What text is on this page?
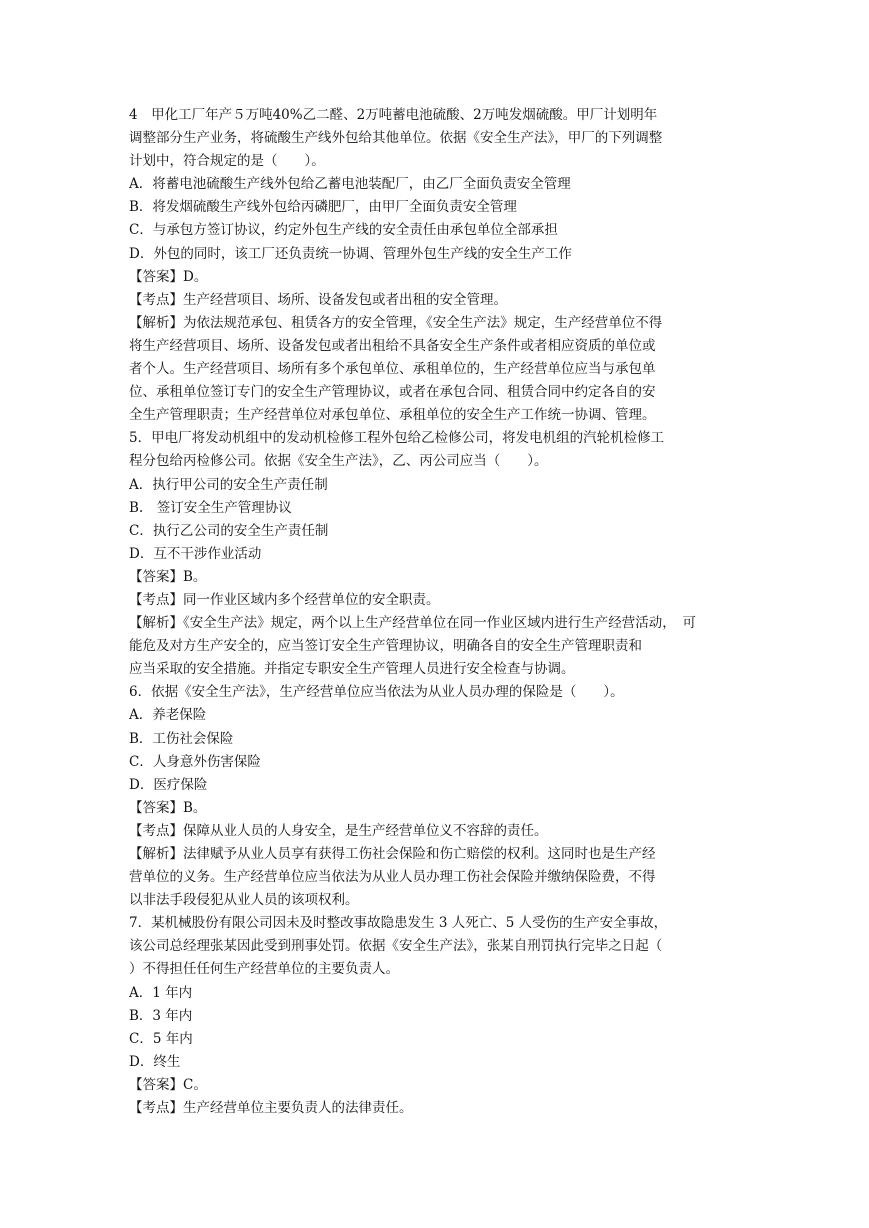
4　甲化工厂年产５万吨40%乙二醛、2万吨蓄电池硫酸、2万吨发烟硫酸。甲厂计划明年
调整部分生产业务，将硫酸生产线外包给其他单位。依据《安全生产法》，甲厂的下列调整
计划中，符合规定的是（　　）。
A．将蓄电池硫酸生产线外包给乙蓄电池装配厂，由乙厂全面负责安全管理
B．将发烟硫酸生产线外包给丙磷肥厂，由甲厂全面负责安全管理
C．与承包方签订协议，约定外包生产线的安全责任由承包单位全部承担
D．外包的同时，该工厂还负责统一协调、管理外包生产线的安全生产工作
【答案】D。
【考点】生产经营项目、场所、设备发包或者出租的安全管理。
【解析】为依法规范承包、租赁各方的安全管理，《安全生产法》规定，生产经营单位不得
将生产经营项目、场所、设备发包或者出租给不具备安全生产条件或者相应资质的单位或
者个人。生产经营项目、场所有多个承包单位、承租单位的，生产经营单位应当与承包单
位、承租单位签订专门的安全生产管理协议，或者在承包合同、租赁合同中约定各自的安
全生产管理职责；生产经营单位对承包单位、承租单位的安全生产工作统一协调、管理。
5．甲电厂将发动机组中的发动机检修工程外包给乙检修公司，将发电机组的汽轮机检修工
程分包给丙检修公司。依据《安全生产法》，乙、丙公司应当（　　）。
A．执行甲公司的安全生产责任制
B.　签订安全生产管理协议
C．执行乙公司的安全生产责任制
D．互不干涉作业活动
【答案】B。
【考点】同一作业区域内多个经营单位的安全职责。
【解析】《安全生产法》规定，两个以上生产经营单位在同一作业区域内进行生产经营活动，　可
能危及对方生产安全的，应当签订安全生产管理协议，明确各自的安全生产管理职责和
应当采取的安全措施。并指定专职安全生产管理人员进行安全检查与协调。
6．依据《安全生产法》，生产经营单位应当依法为从业人员办理的保险是（　　）。
A．养老保险
B．工伤社会保险
C．人身意外伤害保险
D．医疗保险
【答案】B。
【考点】保障从业人员的人身安全，是生产经营单位义不容辞的责任。
【解析】法律赋予从业人员享有获得工伤社会保险和伤亡赔偿的权利。这同时也是生产经
营单位的义务。生产经营单位应当依法为从业人员办理工伤社会保险并缴纳保险费，不得
以非法手段侵犯从业人员的该项权利。
7．某机械股份有限公司因未及时整改事故隐患发生 3 人死亡、5 人受伤的生产安全事故，
该公司总经理张某因此受到刑事处罚。依据《安全生产法》，张某自刑罚执行完毕之日起（
）不得担任任何生产经营单位的主要负责人。
A．1 年内
B．3 年内
C．5 年内
D．终生
【答案】C。
【考点】生产经营单位主要负责人的法律责任。
